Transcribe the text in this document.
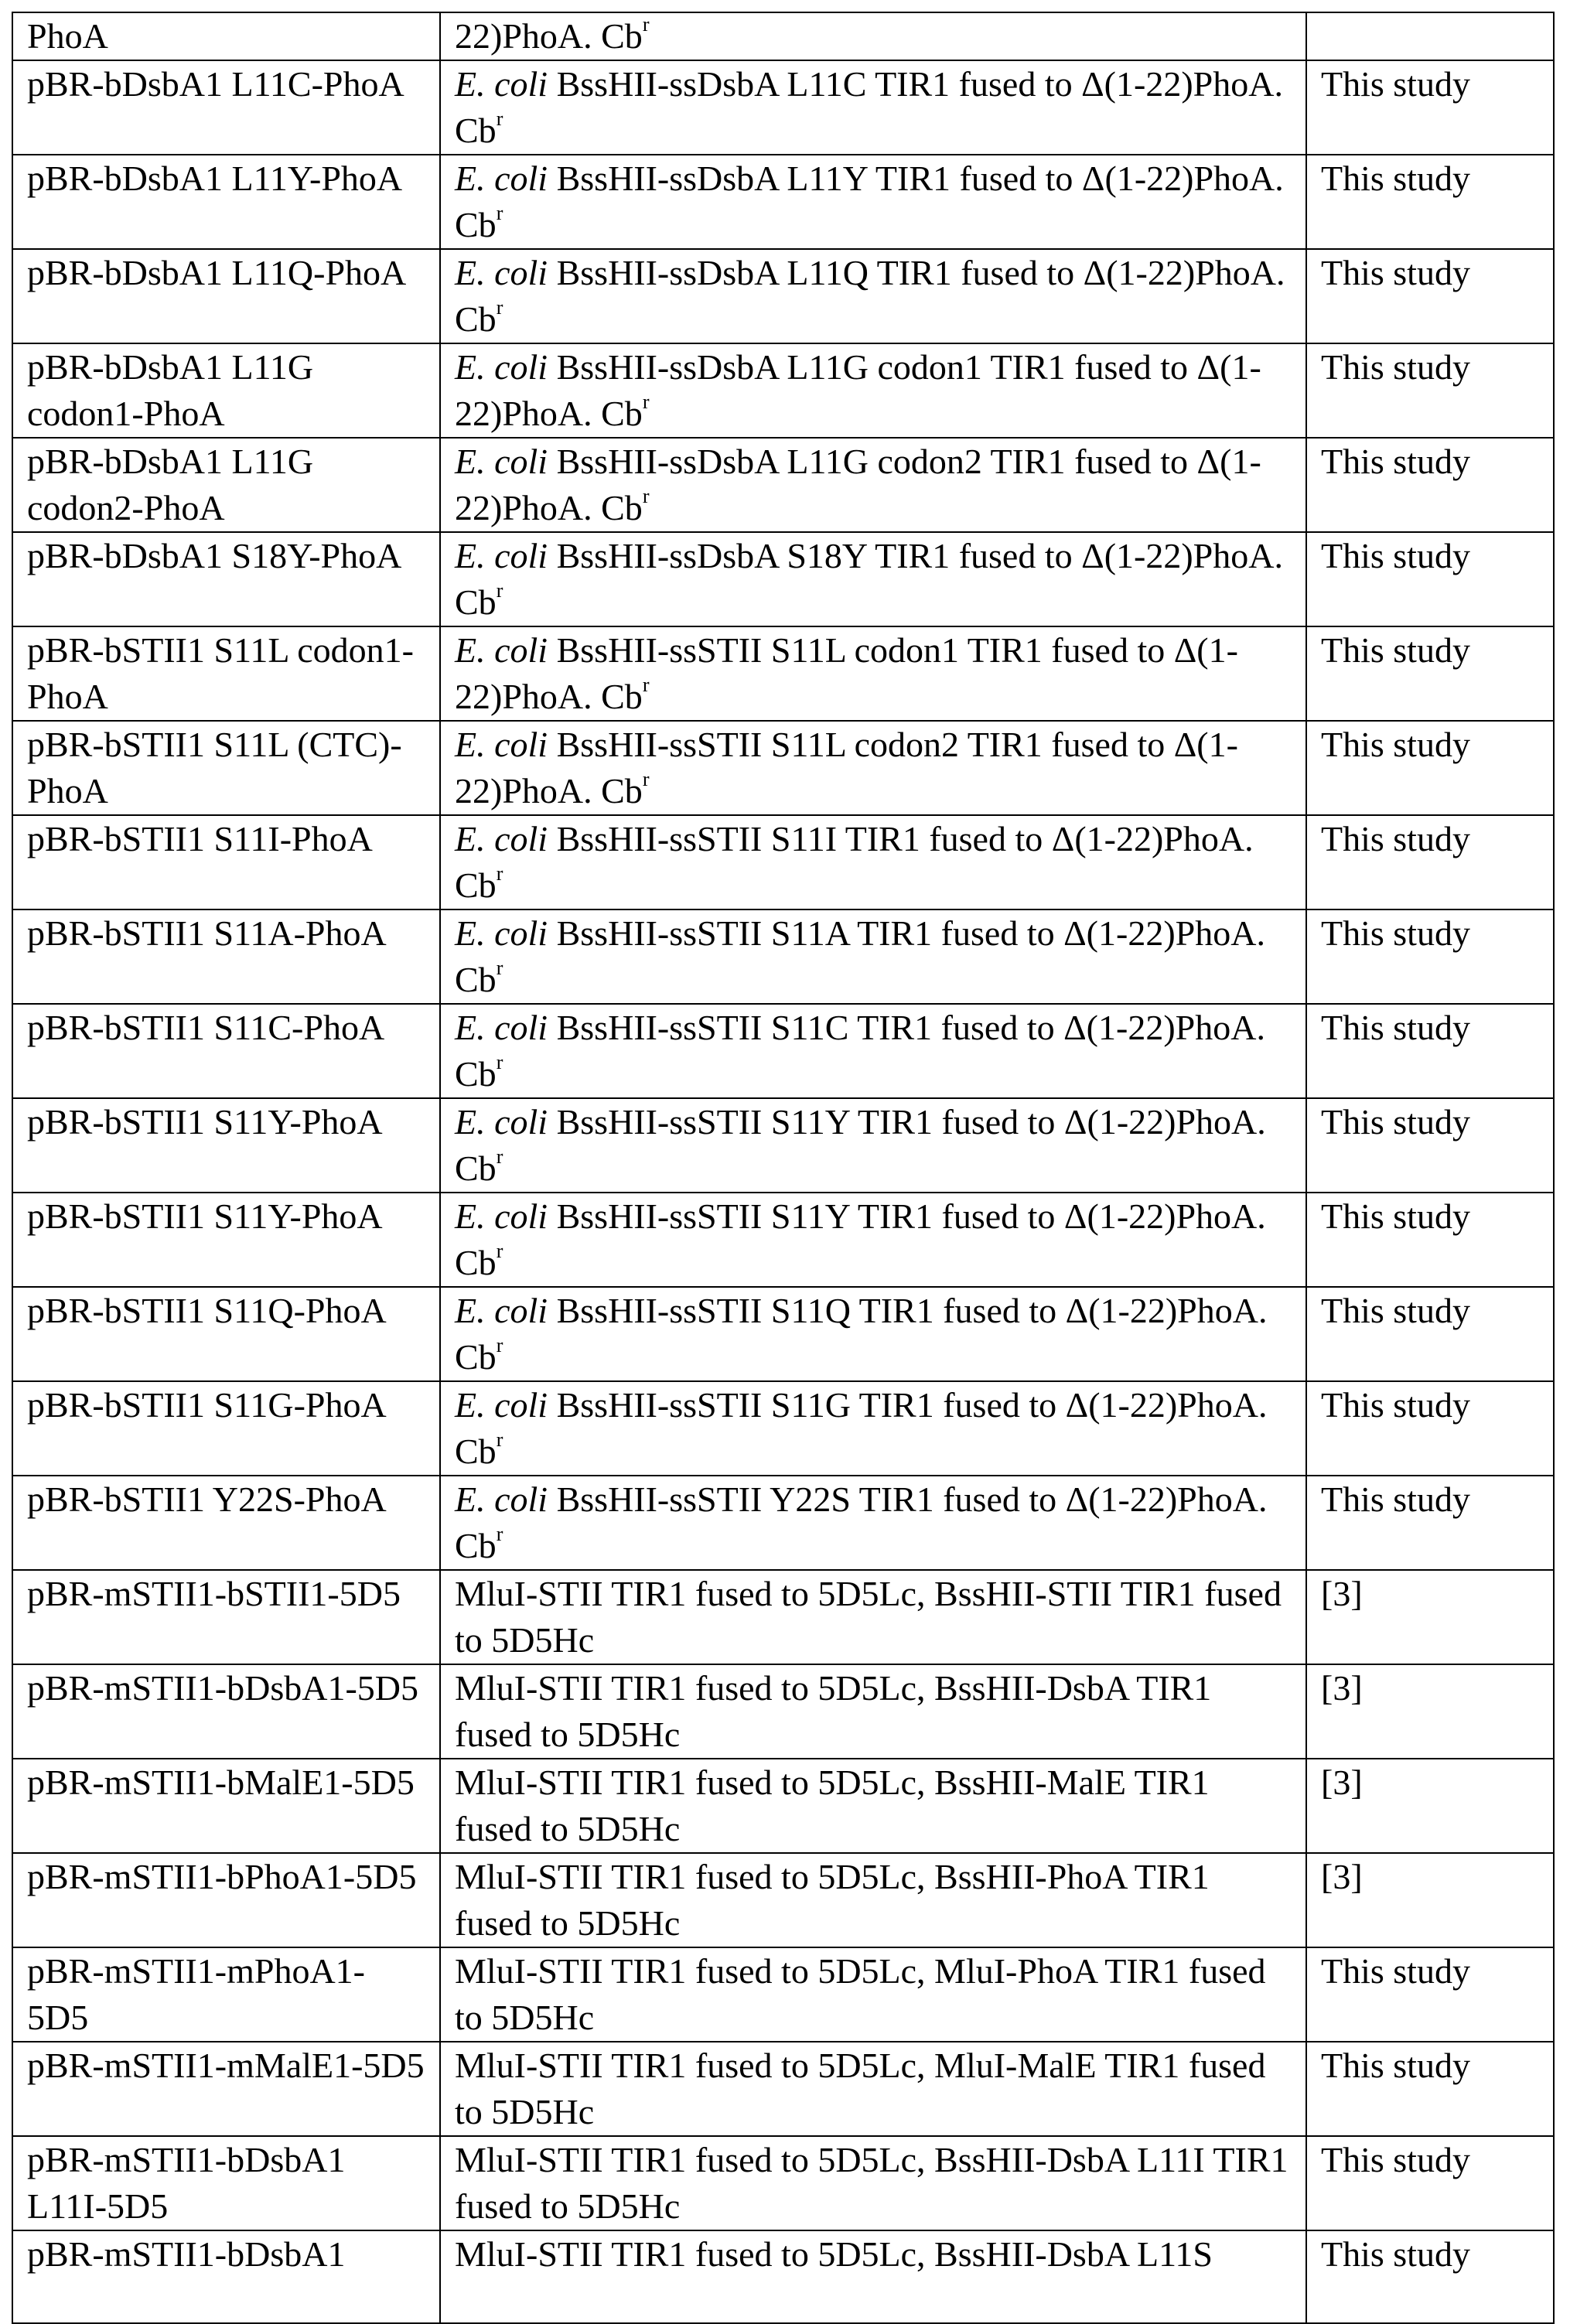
PhoA	22)PhoA. Cbr	
pBR-bDsbA1 L11C-PhoA	E. coli BssHII-ssDsbA L11C TIR1 fused to Δ(1-22)PhoA. Cbr	This study
pBR-bDsbA1 L11Y-PhoA	E. coli BssHII-ssDsbA L11Y TIR1 fused to Δ(1-22)PhoA. Cbr	This study
pBR-bDsbA1 L11Q-PhoA	E. coli BssHII-ssDsbA L11Q TIR1 fused to Δ(1-22)PhoA. Cbr	This study
pBR-bDsbA1 L11G codon1-PhoA	E. coli BssHII-ssDsbA L11G codon1 TIR1 fused to Δ(1-22)PhoA. Cbr	This study
pBR-bDsbA1 L11G codon2-PhoA	E. coli BssHII-ssDsbA L11G codon2 TIR1 fused to Δ(1-22)PhoA. Cbr	This study
pBR-bDsbA1 S18Y-PhoA	E. coli BssHII-ssDsbA S18Y TIR1 fused to Δ(1-22)PhoA. Cbr	This study
pBR-bSTII1 S11L codon1-PhoA	E. coli BssHII-ssSTII S11L codon1 TIR1 fused to Δ(1-22)PhoA. Cbr	This study
pBR-bSTII1 S11L (CTC)-PhoA	E. coli BssHII-ssSTII S11L codon2 TIR1 fused to Δ(1-22)PhoA. Cbr	This study
pBR-bSTII1 S11I-PhoA	E. coli BssHII-ssSTII S11I TIR1 fused to Δ(1-22)PhoA. Cbr	This study
pBR-bSTII1 S11A-PhoA	E. coli BssHII-ssSTII S11A TIR1 fused to Δ(1-22)PhoA. Cbr	This study
pBR-bSTII1 S11C-PhoA	E. coli BssHII-ssSTII S11C TIR1 fused to Δ(1-22)PhoA. Cbr	This study
pBR-bSTII1 S11Y-PhoA	E. coli BssHII-ssSTII S11Y TIR1 fused to Δ(1-22)PhoA. Cbr	This study
pBR-bSTII1 S11Y-PhoA	E. coli BssHII-ssSTII S11Y TIR1 fused to Δ(1-22)PhoA. Cbr	This study
pBR-bSTII1 S11Q-PhoA	E. coli BssHII-ssSTII S11Q TIR1 fused to Δ(1-22)PhoA. Cbr	This study
pBR-bSTII1 S11G-PhoA	E. coli BssHII-ssSTII S11G TIR1 fused to Δ(1-22)PhoA. Cbr	This study
pBR-bSTII1 Y22S-PhoA	E. coli BssHII-ssSTII Y22S TIR1 fused to Δ(1-22)PhoA. Cbr	This study
pBR-mSTII1-bSTII1-5D5	MluI-STII TIR1 fused to 5D5Lc, BssHII-STII TIR1 fused to 5D5Hc	[3]
pBR-mSTII1-bDsbA1-5D5	MluI-STII TIR1 fused to 5D5Lc, BssHII-DsbA TIR1 fused to 5D5Hc	[3]
pBR-mSTII1-bMalE1-5D5	MluI-STII TIR1 fused to 5D5Lc, BssHII-MalE TIR1 fused to 5D5Hc	[3]
pBR-mSTII1-bPhoA1-5D5	MluI-STII TIR1 fused to 5D5Lc, BssHII-PhoA TIR1 fused to 5D5Hc	[3]
pBR-mSTII1-mPhoA1-5D5	MluI-STII TIR1 fused to 5D5Lc, MluI-PhoA TIR1 fused to 5D5Hc	This study
pBR-mSTII1-mMalE1-5D5	MluI-STII TIR1 fused to 5D5Lc, MluI-MalE TIR1 fused to 5D5Hc	This study
pBR-mSTII1-bDsbA1 L11I-5D5	MluI-STII TIR1 fused to 5D5Lc, BssHII-DsbA L11I TIR1 fused to 5D5Hc	This study
pBR-mSTII1-bDsbA1	MluI-STII TIR1 fused to 5D5Lc, BssHII-DsbA L11S	This study
